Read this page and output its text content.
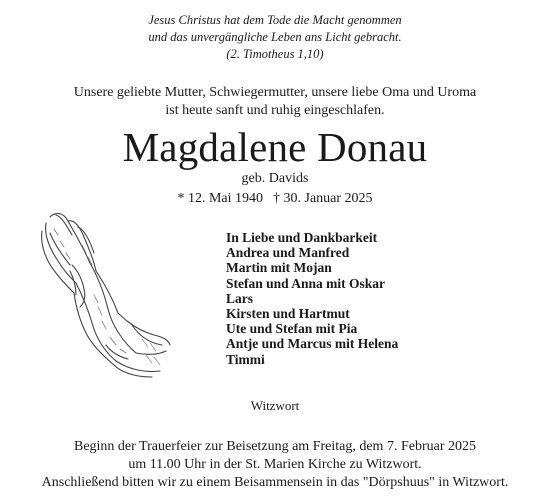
Jesus Christus hat dem Tode die Macht genommen
und das unvergängliche Leben ans Licht gebracht.
(2. Timotheus 1,10)
Unsere geliebte Mutter, Schwiegermutter, unsere liebe Oma und Uroma
ist heute sanft und ruhig eingeschlafen.
Magdalene Donau
geb. Davids
* 12. Mai 1940 † 30. Januar 2025
In Liebe und Dankbarkeit
Andrea und Manfred
Martin mit Mojan
Stefan und Anna mit Oskar
Lars
Kirsten und Hartmut
Ute und Stefan mit Pia
Antje und Marcus mit Helena
Timmi
Witzwort
Beginn der Trauerfeier zur Beisetzung am Freitag, dem 7. Februar 2025
um 11.00 Uhr in der St. Marien Kirche zu Witzwort.
Anschließend bitten wir zu einem Beisammensein in das "Dörpshuus" in Witzwort.
